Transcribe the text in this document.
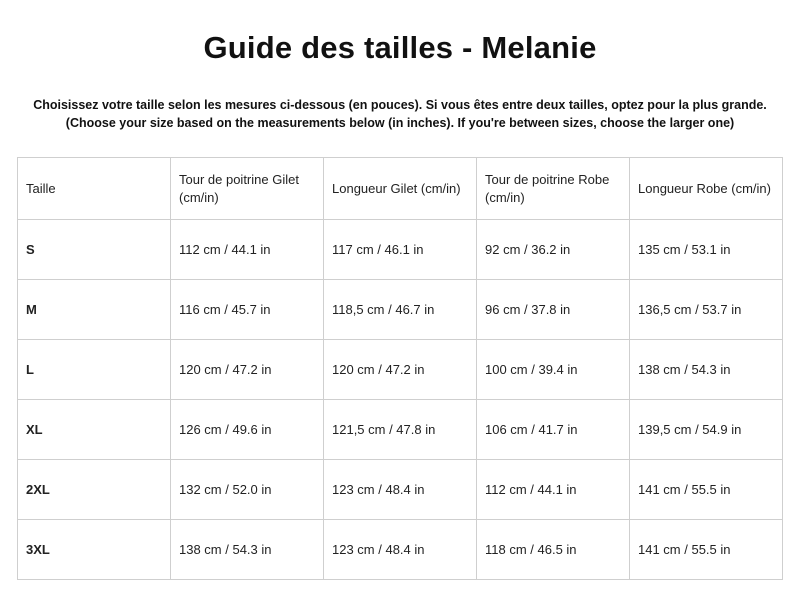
Guide des tailles - Melanie
Choisissez votre taille selon les mesures ci-dessous (en pouces). Si vous êtes entre deux tailles, optez pour la plus grande.
(Choose your size based on the measurements below (in inches). If you're between sizes, choose the larger one)
Taille	Tour de poitrine Gilet (cm/in)	Longueur Gilet (cm/in)	Tour de poitrine Robe (cm/in)	Longueur Robe (cm/in)
S	112 cm / 44.1 in	117 cm / 46.1 in	92 cm / 36.2 in	135 cm / 53.1 in
M	116 cm / 45.7 in	118,5 cm / 46.7 in	96 cm / 37.8 in	136,5 cm / 53.7 in
L	120 cm / 47.2 in	120 cm / 47.2 in	100 cm / 39.4 in	138 cm / 54.3 in
XL	126 cm / 49.6 in	121,5 cm / 47.8 in	106 cm / 41.7 in	139,5 cm / 54.9 in
2XL	132 cm / 52.0 in	123 cm / 48.4 in	112 cm / 44.1 in	141 cm / 55.5 in
3XL	138 cm / 54.3 in	123 cm / 48.4 in	118 cm / 46.5 in	141 cm / 55.5 in
